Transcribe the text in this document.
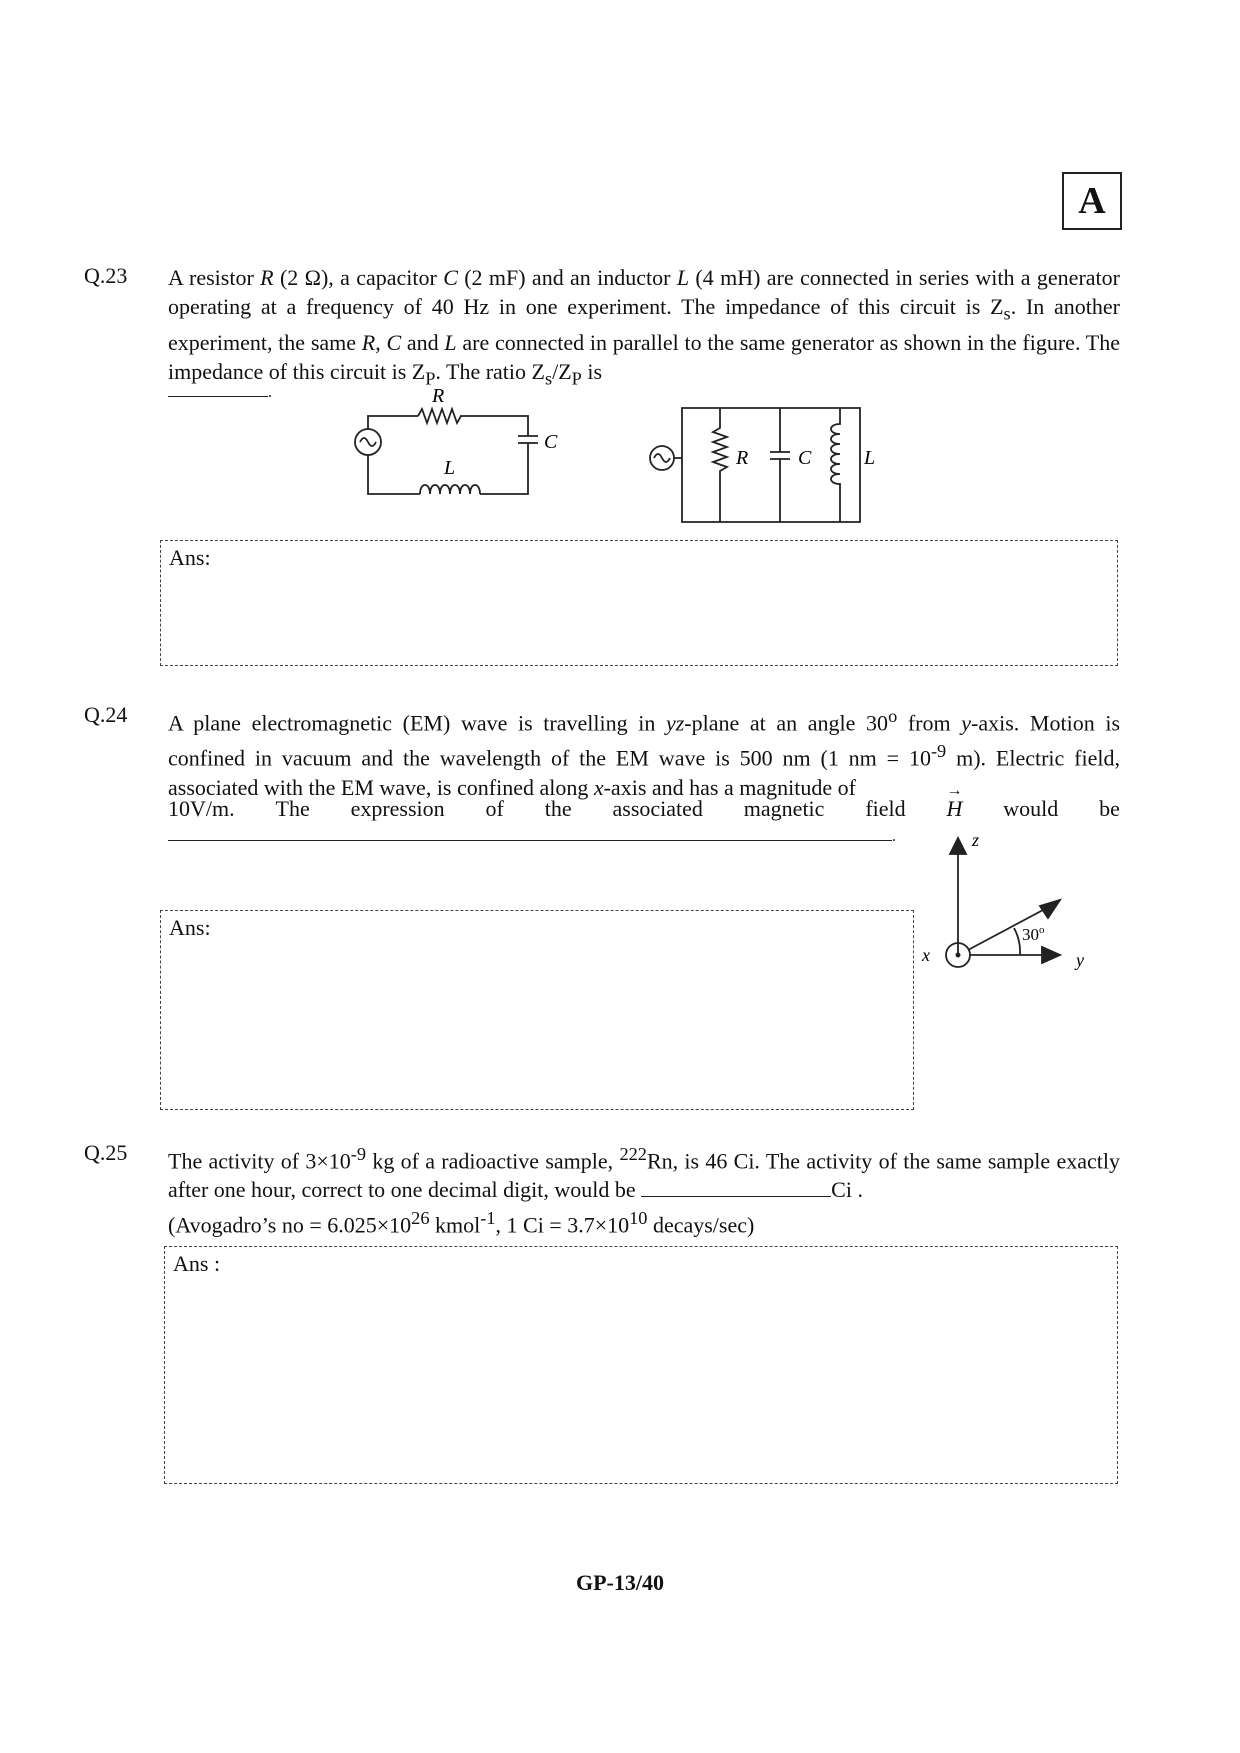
A
Q.23 A resistor R (2 Ω), a capacitor C (2 mF) and an inductor L (4 mH) are connected in series with a generator operating at a frequency of 40 Hz in one experiment. The impedance of this circuit is $Z_s$. In another experiment, the same R, C and L are connected in parallel to the same generator as shown in the figure. The impedance of this circuit is $Z_P$. The ratio $Z_s/Z_P$ is
.	R
C
L	R C	L
Ans:
Q.24 A plane electromagnetic (EM) wave is travelling in yz-plane at an angle 30$^o$ from y-axis. Motion is confined in vacuum and the wavelength of the EM wave is 500 nm (1 nm = $10^{-9}$ m). Electric field, associated with the EM wave, is confined along x-axis and has a magnitude of
10V/m. The expression of the associated magnetic field
→
H would be
.
Ans:
z
x	y
30$^o$
Q.25 The activity of $3\times 10^{-9}$ kg of a radioactive sample, $^{222}$Rn, is 46 Ci. The activity of the same sample exactly after one hour, correct to one decimal digit, would be	Ci .
(Avogadro’s no = $6.025\times 10^{26}$ kmol$^{-1}$, 1 $Ci = 3.7\times 10^{10}$ decays/sec)
Ans :
GP-13/40
